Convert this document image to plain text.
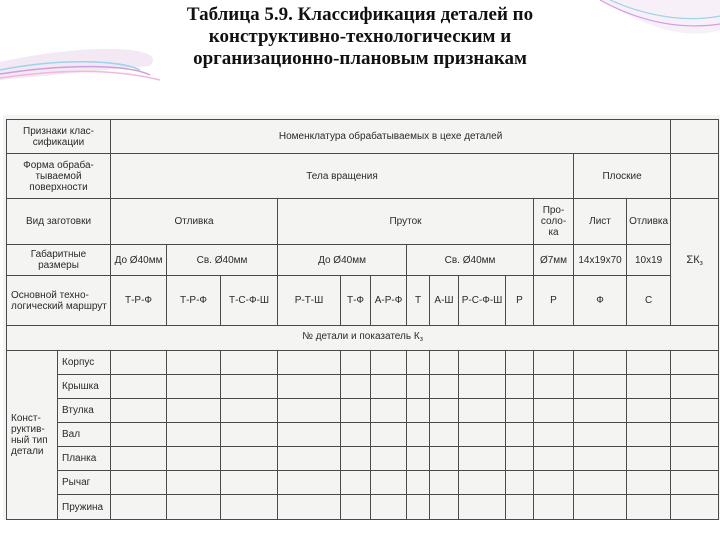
Таблица 5.9. Классификация деталей по
конструктивно-технологическим и
организационно-плановым признакам
Признаки клас-сификации		Номенклатура обрабатываемых в цехе деталей													
Форма обраба-тываемой поверхности		Тела вращения											Плоские		
Вид заготовки		Отливка			Пруток							Про-соло-ка	Лист	Отливка	$\Sigma К_з$
Габаритные размеры		До Ø40мм	Св. Ø40мм		До Ø40мм			Св. Ø40мм				Ø7мм	14х19х70	10х19	
Основной техно-логический маршрут		Т-Р-Ф	Т-Р-Ф	Т-С-Ф-Ш	Р-Т-Ш	Т-Ф	А-Р-Ф	Т	А-Ш	Р-С-Ф-Ш	Р	Р	Ф	С	
№ детали и показатель $К_з$
Конст-руктив-ный тип детали	Корпус														
	Крышка														
	Втулка														
	Вал														
	Планка														
	Рычаг														
	Пружина														
